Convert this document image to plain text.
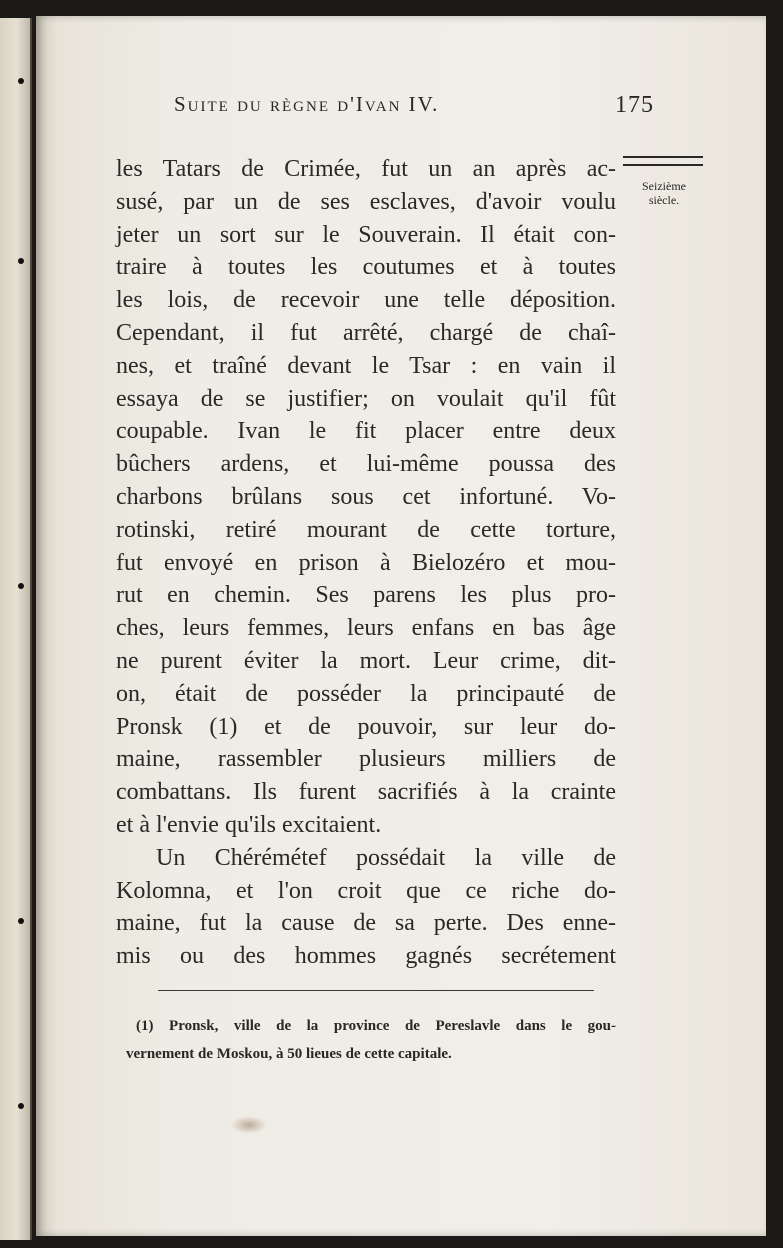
Suite du règne d'Ivan IV.	175
Seizième
siècle.
les Tatars de Crimée, fut un an après ac-
susé, par un de ses esclaves, d'avoir voulu
jeter un sort sur le Souverain. Il était con-
traire à toutes les coutumes et à toutes
les lois, de recevoir une telle déposition.
Cependant, il fut arrêté, chargé de chaî-
nes, et traîné devant le Tsar : en vain il
essaya de se justifier; on voulait qu'il fût
coupable. Ivan le fit placer entre deux
bûchers ardens, et lui-même poussa des
charbons brûlans sous cet infortuné. Vo-
rotinski, retiré mourant de cette torture,
fut envoyé en prison à Bielozéro et mou-
rut en chemin. Ses parens les plus pro-
ches, leurs femmes, leurs enfans en bas âge
ne purent éviter la mort. Leur crime, dit-
on, était de posséder la principauté de
Pronsk (1) et de pouvoir, sur leur do-
maine, rassembler plusieurs milliers de
combattans. Ils furent sacrifiés à la crainte
et à l'envie qu'ils excitaient.
Un Chérémétef possédait la ville de
Kolomna, et l'on croit que ce riche do-
maine, fut la cause de sa perte. Des enne-
mis ou des hommes gagnés secrétement
(1) Pronsk, ville de la province de Pereslavle dans le gou-
vernement de Moskou, à 50 lieues de cette capitale.
